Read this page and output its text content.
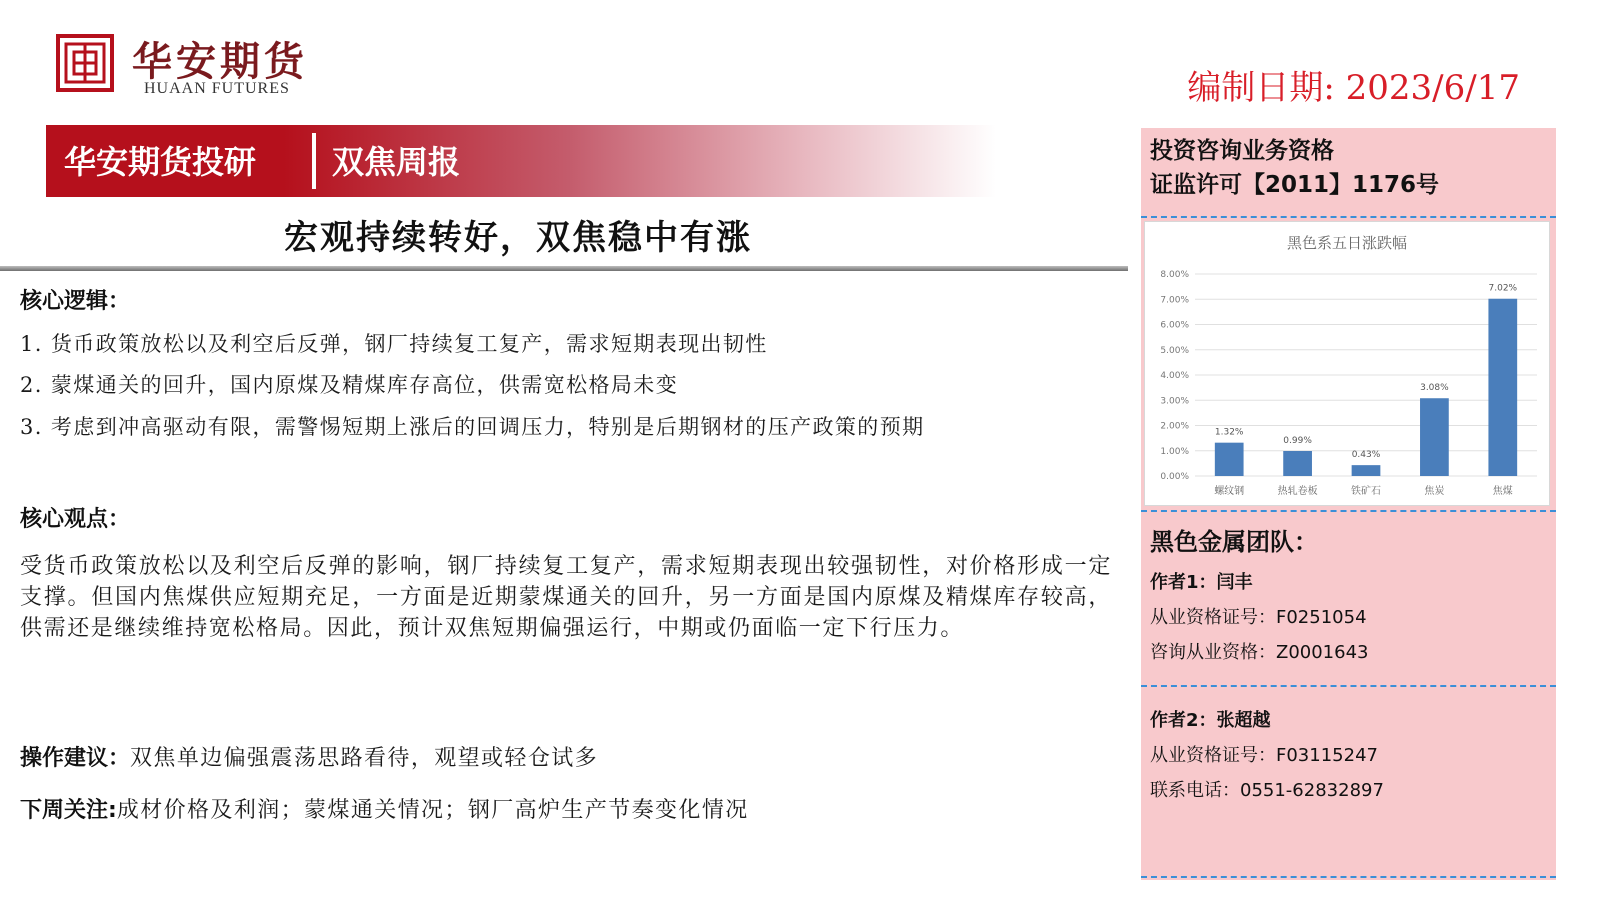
华安期货
HUAAN FUTURES	编制日期: 2023/6/17
华安期货投研 双焦周报
宏观持续转好，双焦稳中有涨
核心逻辑：
1. 货币政策放松以及利空后反弹，钢厂持续复工复产，需求短期表现出韧性
2. 蒙煤通关的回升，国内原煤及精煤库存高位，供需宽松格局未变
3. 考虑到冲高驱动有限，需警惕短期上涨后的回调压力，特别是后期钢材的压产政策的预期
核心观点：
受货币政策放松以及利空后反弹的影响，钢厂持续复工复产，需求短期表现出较强韧性，对价格形成一定支撑。但国内焦煤供应短期充足，一方面是近期蒙煤通关的回升，另一方面是国内原煤及精煤库存较高，供需还是继续维持宽松格局。因此，预计双焦短期偏强运行，中期或仍面临一定下行压力。
操作建议：双焦单边偏强震荡思路看待，观望或轻仓试多
下周关注:成材价格及利润；蒙煤通关情况；钢厂高炉生产节奏变化情况
投资咨询业务资格
证监许可【2011】1176号
黑色系五日涨跌幅
0.00%
1.00%
2.00%
3.00%
4.00%
5.00%
6.00%
7.00%
8.00%
1.32%
螺纹钢
0.99%
热轧卷板
0.43%
铁矿石
3.08%
焦炭
7.02%
焦煤
黑色金属团队：
作者1：闫丰
从业资格证号：F0251054
咨询从业资格：Z0001643
作者2：张超越
从业资格证号：F03115247
联系电话：0551-62832897
